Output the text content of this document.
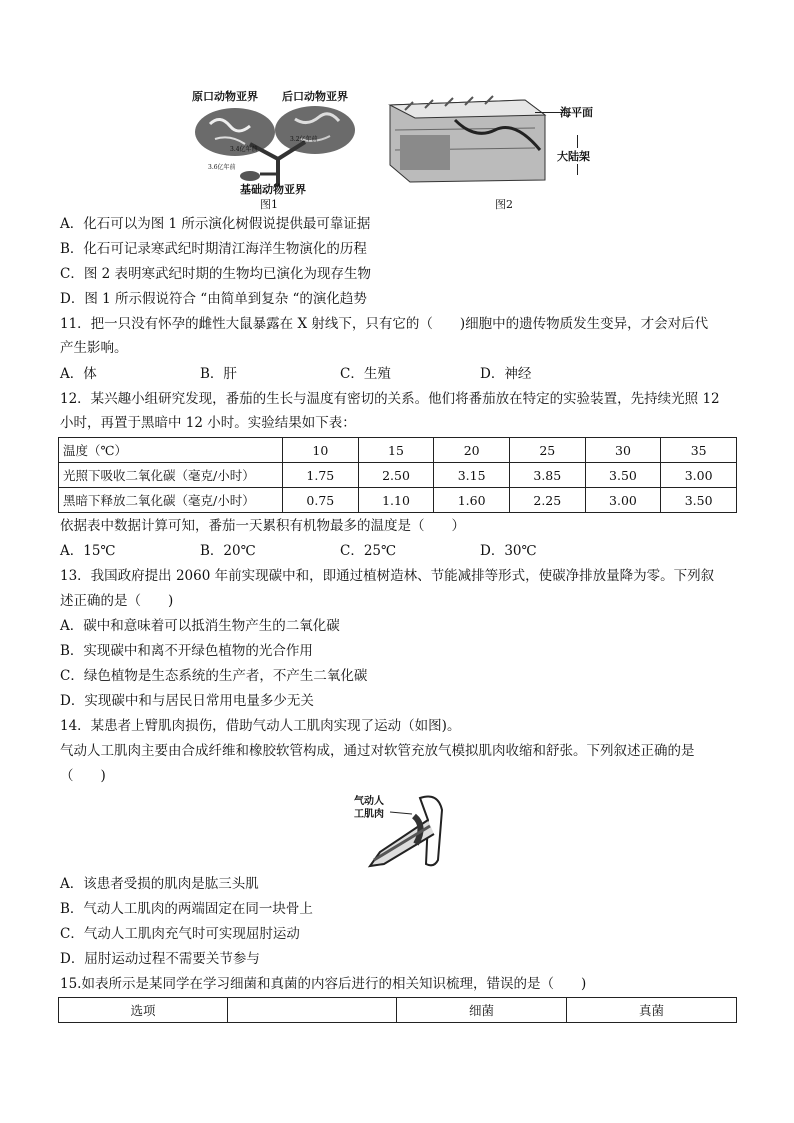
原口动物亚界 后口动物亚界
3.2亿年前
3.4亿年前
3.6亿年前
基础动物亚界
图1
海平面
大陆架
图2
A．化石可以为图 1 所示演化树假说提供最可靠证据
B．化石可记录寒武纪时期清江海洋生物演化的历程
C．图 2 表明寒武纪时期的生物均已演化为现存生物
D．图 1 所示假说符合 “由简单到复杂 “的演化趋势
11．把一只没有怀孕的雌性大鼠暴露在 X 射线下，只有它的（　　)细胞中的遗传物质发生变异，才会对后代
产生影响。
A．体	B．肝	C．生殖	D．神经
12．某兴趣小组研究发现，番茄的生长与温度有密切的关系。他们将番茄放在特定的实验装置，先持续光照 12
小时，再置于黑暗中 12 小时。实验结果如下表：
温度（℃）	10	15	20	25	30	35
光照下吸收二氧化碳（毫克/小时）	1.75	2.50	3.15	3.85	3.50	3.00
黑暗下释放二氧化碳（毫克/小时）	0.75	1.10	1.60	2.25	3.00	3.50
依据表中数据计算可知，番茄一天累积有机物最多的温度是（　　）
A．15℃	B．20℃	C．25℃	D．30℃
13．我国政府提出 2060 年前实现碳中和，即通过植树造林、节能减排等形式，使碳净排放量降为零。下列叙
述正确的是（　　)
A．碳中和意味着可以抵消生物产生的二氧化碳
B．实现碳中和离不开绿色植物的光合作用
C．绿色植物是生态系统的生产者，不产生二氧化碳
D．实现碳中和与居民日常用电量多少无关
14．某患者上臂肌肉损伤，借助气动人工肌肉实现了运动（如图)。
气动人工肌肉主要由合成纤维和橡胶软管构成，通过对软管充放气模拟肌肉收缩和舒张。下列叙述正确的是
（　　)
气动人
工肌肉
A．该患者受损的肌肉是肱三头肌
B．气动人工肌肉的两端固定在同一块骨上
C．气动人工肌肉充气时可实现屈肘运动
D．屈肘运动过程不需要关节参与
15.如表所示是某同学在学习细菌和真菌的内容后进行的相关知识梳理，错误的是（　　)
选项		细菌	真菌
